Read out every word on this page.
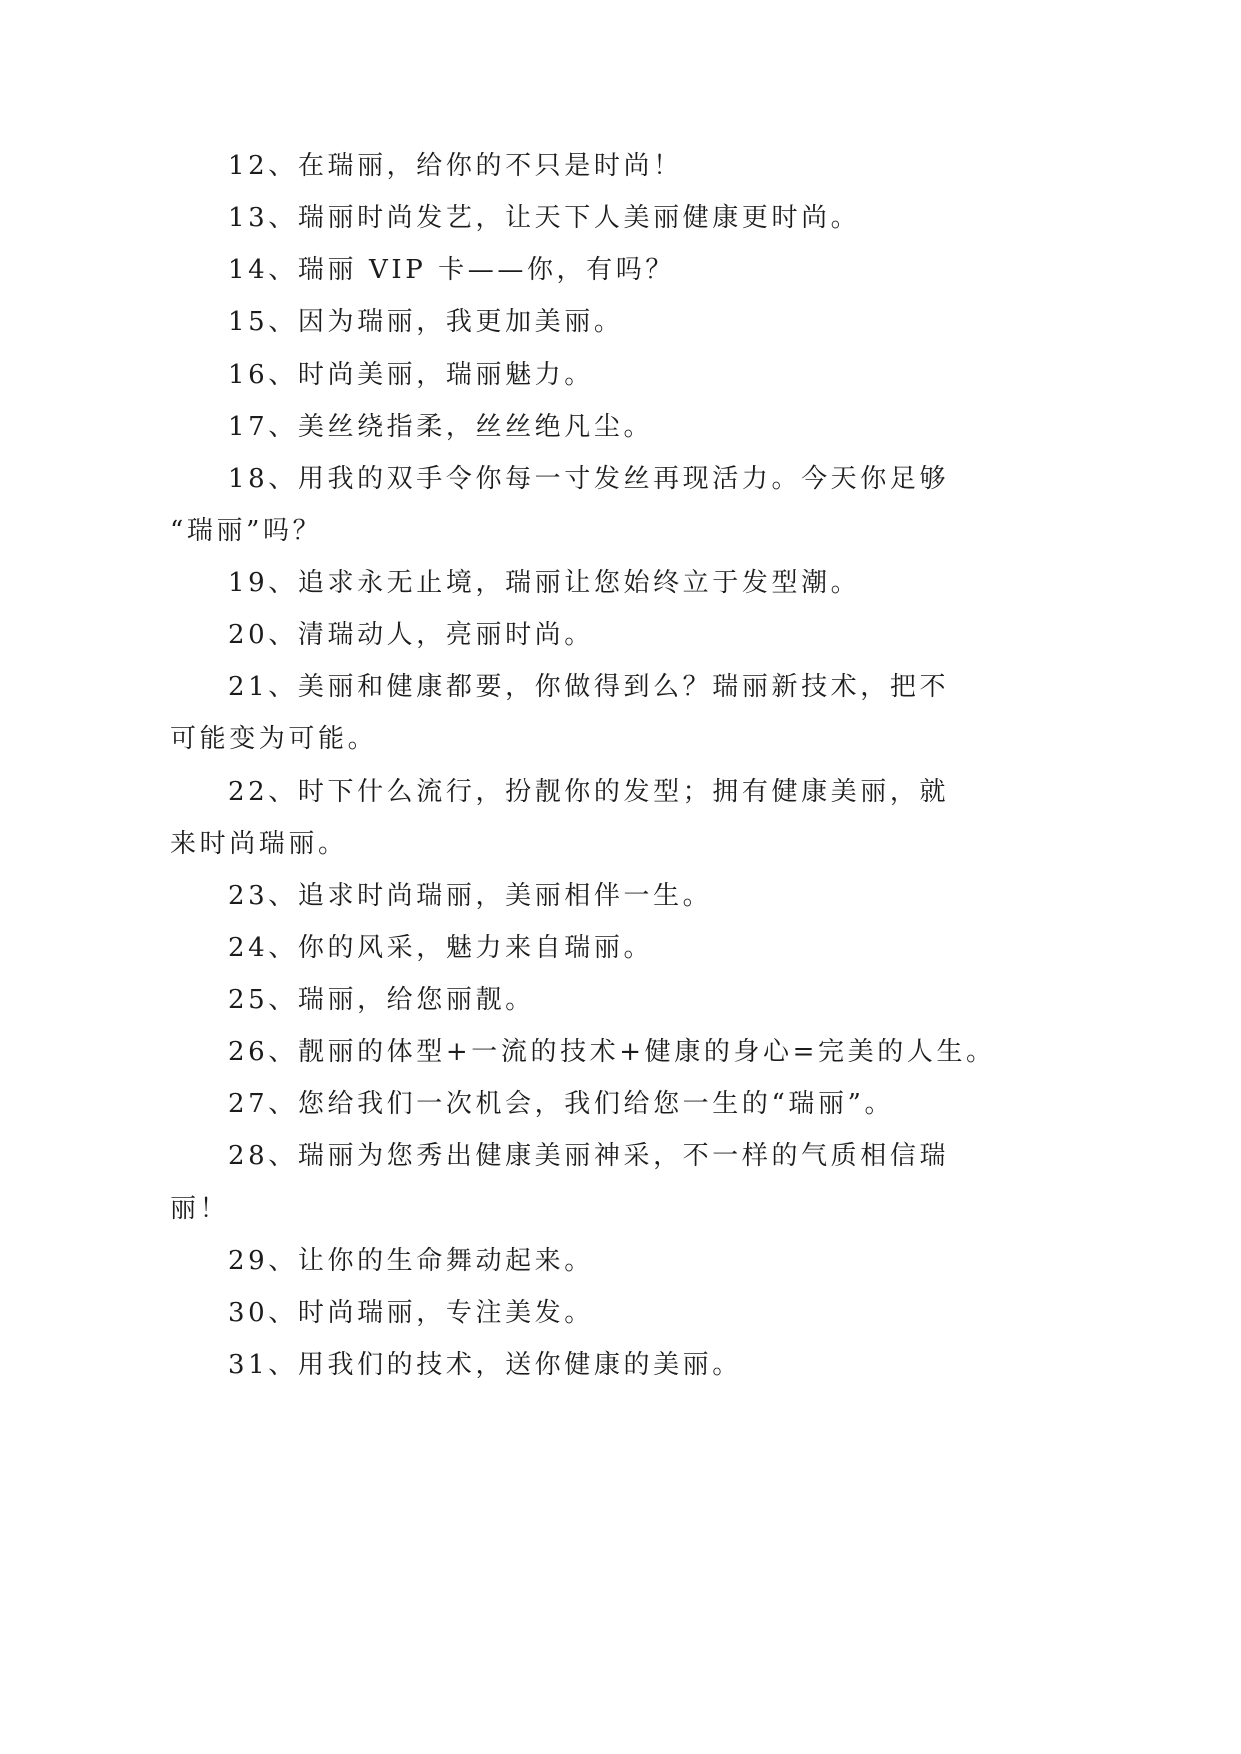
12、在瑞丽，给你的不只是时尚！
13、瑞丽时尚发艺，让天下人美丽健康更时尚。
14、瑞丽 VIP 卡——你，有吗？
15、因为瑞丽，我更加美丽。
16、时尚美丽，瑞丽魅力。
17、美丝绕指柔，丝丝绝凡尘。
18、用我的双手令你每一寸发丝再现活力。今天你足够
“瑞丽”吗？
19、追求永无止境，瑞丽让您始终立于发型潮。
20、清瑞动人，亮丽时尚。
21、美丽和健康都要，你做得到么？瑞丽新技术，把不
可能变为可能。
22、时下什么流行，扮靓你的发型；拥有健康美丽，就
来时尚瑞丽。
23、追求时尚瑞丽，美丽相伴一生。
24、你的风采，魅力来自瑞丽。
25、瑞丽，给您丽靓。
26、靓丽的体型+一流的技术+健康的身心=完美的人生。
27、您给我们一次机会，我们给您一生的“瑞丽”。
28、瑞丽为您秀出健康美丽神采，不一样的气质相信瑞
丽！
29、让你的生命舞动起来。
30、时尚瑞丽，专注美发。
31、用我们的技术，送你健康的美丽。
